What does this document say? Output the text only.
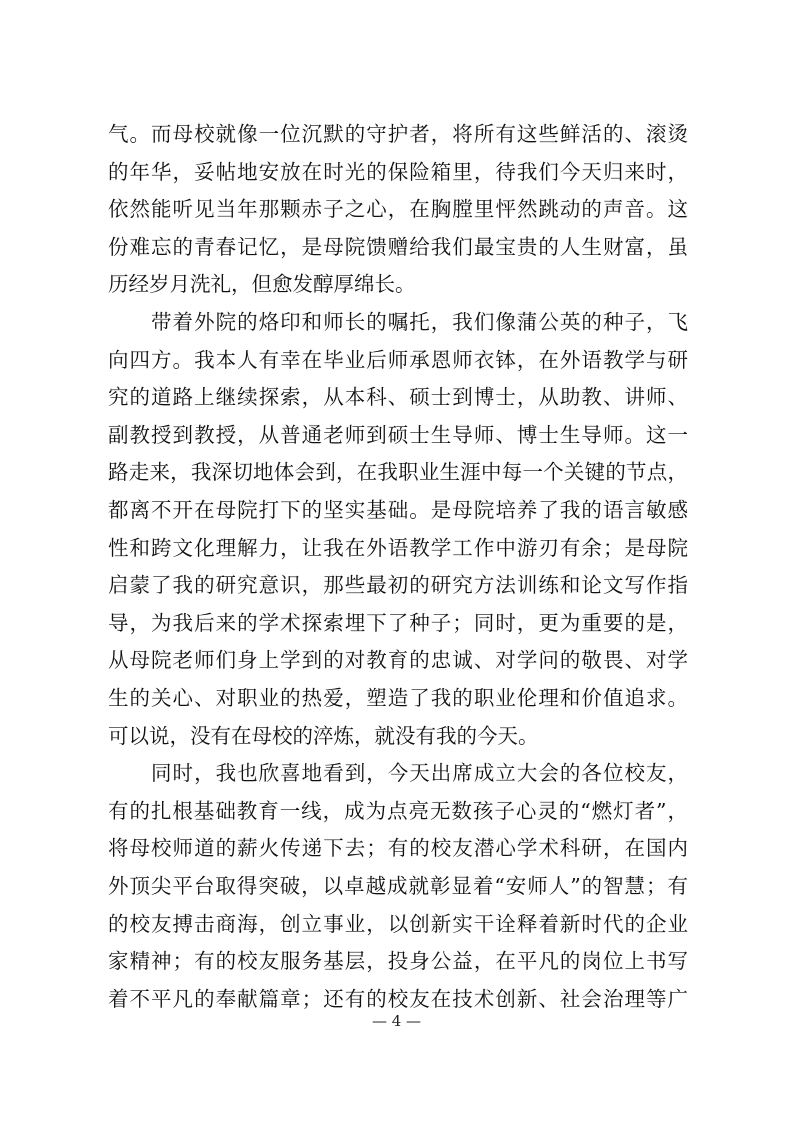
气。而母校就像一位沉默的守护者，将所有这些鲜活的、滚烫
的年华，妥帖地安放在时光的保险箱里，待我们今天归来时，
依然能听见当年那颗赤子之心，在胸膛里怦然跳动的声音。这
份难忘的青春记忆，是母院馈赠给我们最宝贵的人生财富，虽
历经岁月洗礼，但愈发醇厚绵长。
　　带着外院的烙印和师长的嘱托，我们像蒲公英的种子，飞
向四方。我本人有幸在毕业后师承恩师衣钵，在外语教学与研
究的道路上继续探索，从本科、硕士到博士，从助教、讲师、
副教授到教授，从普通老师到硕士生导师、博士生导师。这一
路走来，我深切地体会到，在我职业生涯中每一个关键的节点，
都离不开在母院打下的坚实基础。是母院培养了我的语言敏感
性和跨文化理解力，让我在外语教学工作中游刃有余；是母院
启蒙了我的研究意识，那些最初的研究方法训练和论文写作指
导，为我后来的学术探索埋下了种子；同时，更为重要的是，
从母院老师们身上学到的对教育的忠诚、对学问的敬畏、对学
生的关心、对职业的热爱，塑造了我的职业伦理和价值追求。
可以说，没有在母校的淬炼，就没有我的今天。
　　同时，我也欣喜地看到，今天出席成立大会的各位校友，
有的扎根基础教育一线，成为点亮无数孩子心灵的“燃灯者”，
将母校师道的薪火传递下去；有的校友潜心学术科研，在国内
外顶尖平台取得突破，以卓越成就彰显着“安师人”的智慧；有
的校友搏击商海，创立事业，以创新实干诠释着新时代的企业
家精神；有的校友服务基层，投身公益，在平凡的岗位上书写
着不平凡的奉献篇章；还有的校友在技术创新、社会治理等广
— 4 —
